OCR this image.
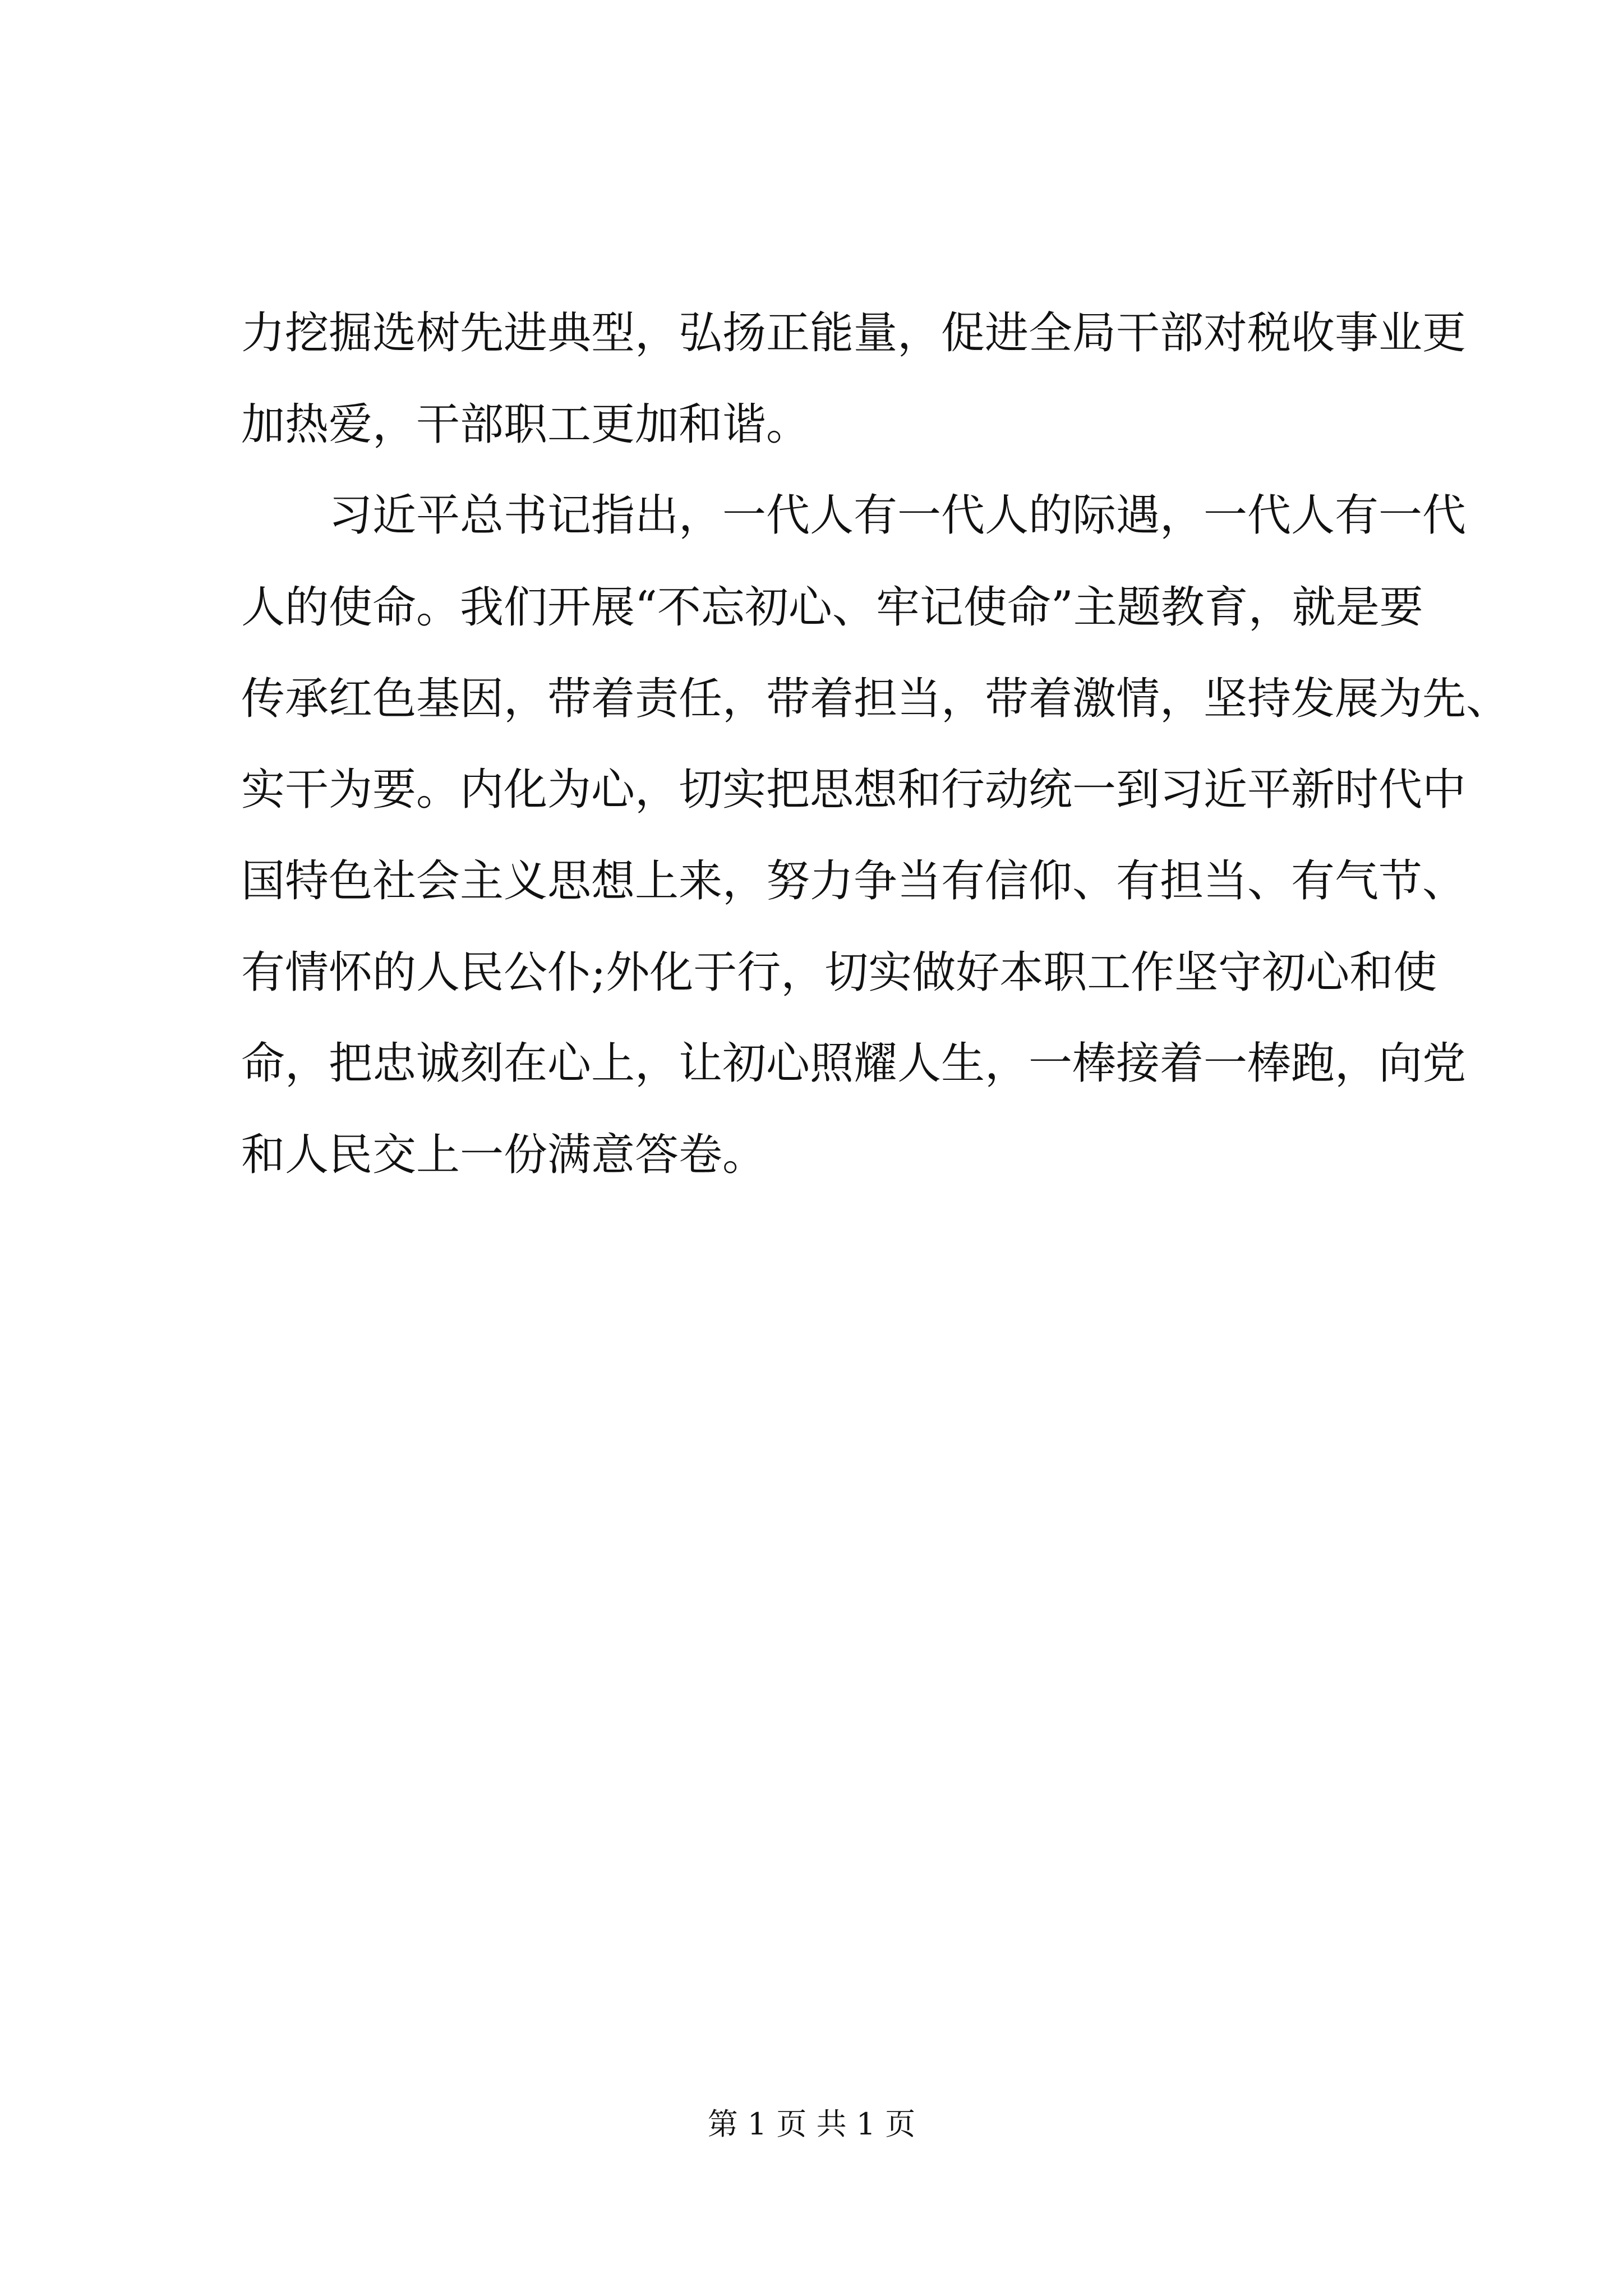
力挖掘选树先进典型，弘扬正能量，促进全局干部对税收事业更
加热爱，干部职工更加和谐。
习近平总书记指出，一代人有一代人的际遇，一代人有一代
人的使命。我们开展“不忘初心、牢记使命”主题教育，就是要
传承红色基因，带着责任，带着担当，带着激情，坚持发展为先、
实干为要。内化为心，切实把思想和行动统一到习近平新时代中
国特色社会主义思想上来，努力争当有信仰、有担当、有气节、
有情怀的人民公仆;外化于行，切实做好本职工作坚守初心和使
命，把忠诚刻在心上，让初心照耀人生，一棒接着一棒跑，向党
和人民交上一份满意答卷。
第 1 页 共 1 页
